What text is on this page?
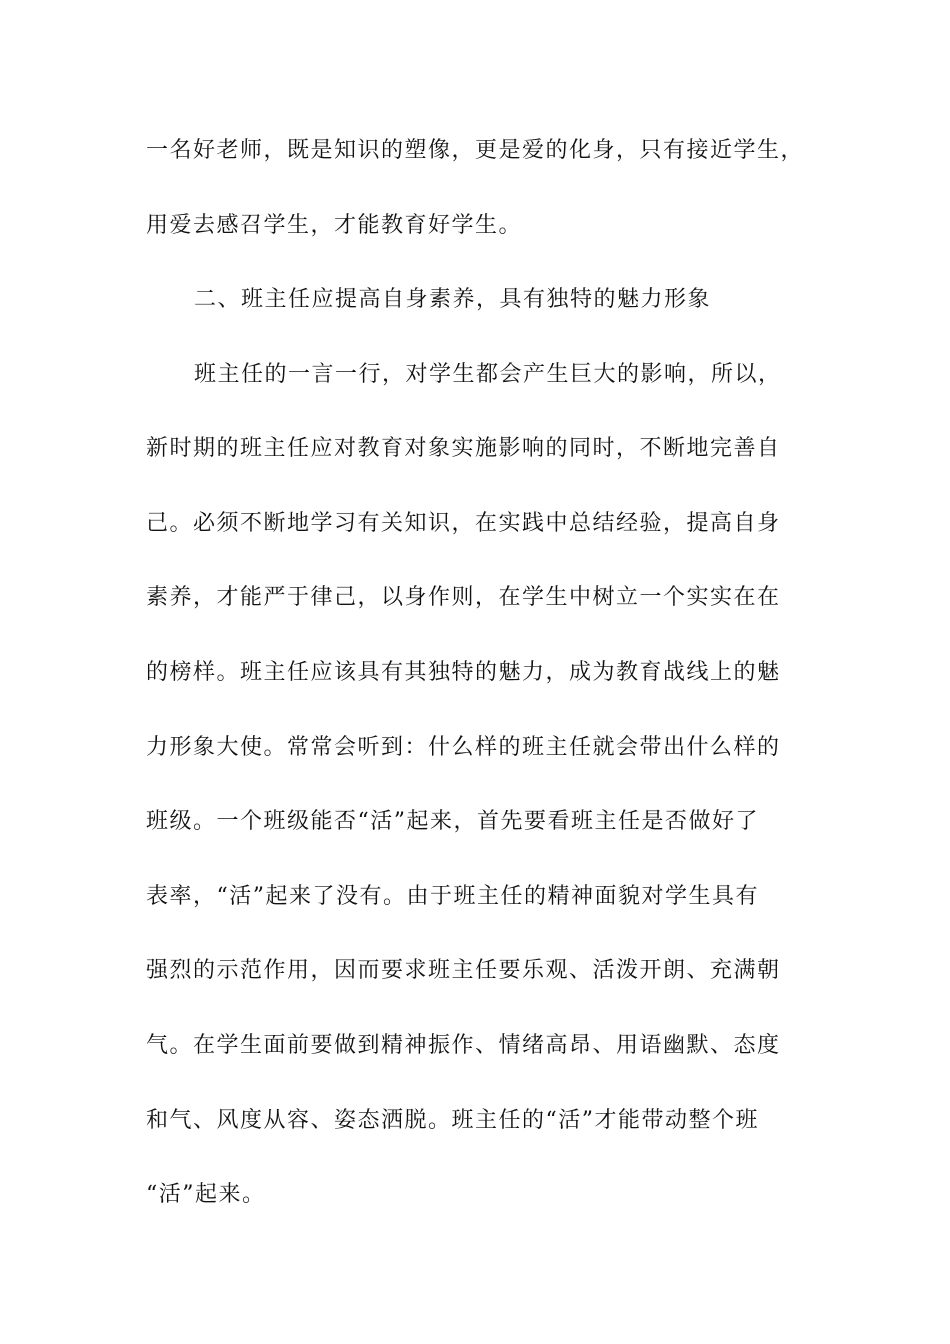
一名好老师，既是知识的塑像，更是爱的化身，只有接近学生，
用爱去感召学生，才能教育好学生。
二、班主任应提高自身素养，具有独特的魅力形象
班主任的一言一行，对学生都会产生巨大的影响，所以，
新时期的班主任应对教育对象实施影响的同时，不断地完善自
己。必须不断地学习有关知识，在实践中总结经验，提高自身
素养，才能严于律己，以身作则，在学生中树立一个实实在在
的榜样。班主任应该具有其独特的魅力，成为教育战线上的魅
力形象大使。常常会听到：什么样的班主任就会带出什么样的
班级。一个班级能否“活”起来，首先要看班主任是否做好了
表率，“活”起来了没有。由于班主任的精神面貌对学生具有
强烈的示范作用，因而要求班主任要乐观、活泼开朗、充满朝
气。在学生面前要做到精神振作、情绪高昂、用语幽默、态度
和气、风度从容、姿态洒脱。班主任的“活”才能带动整个班
“活”起来。
